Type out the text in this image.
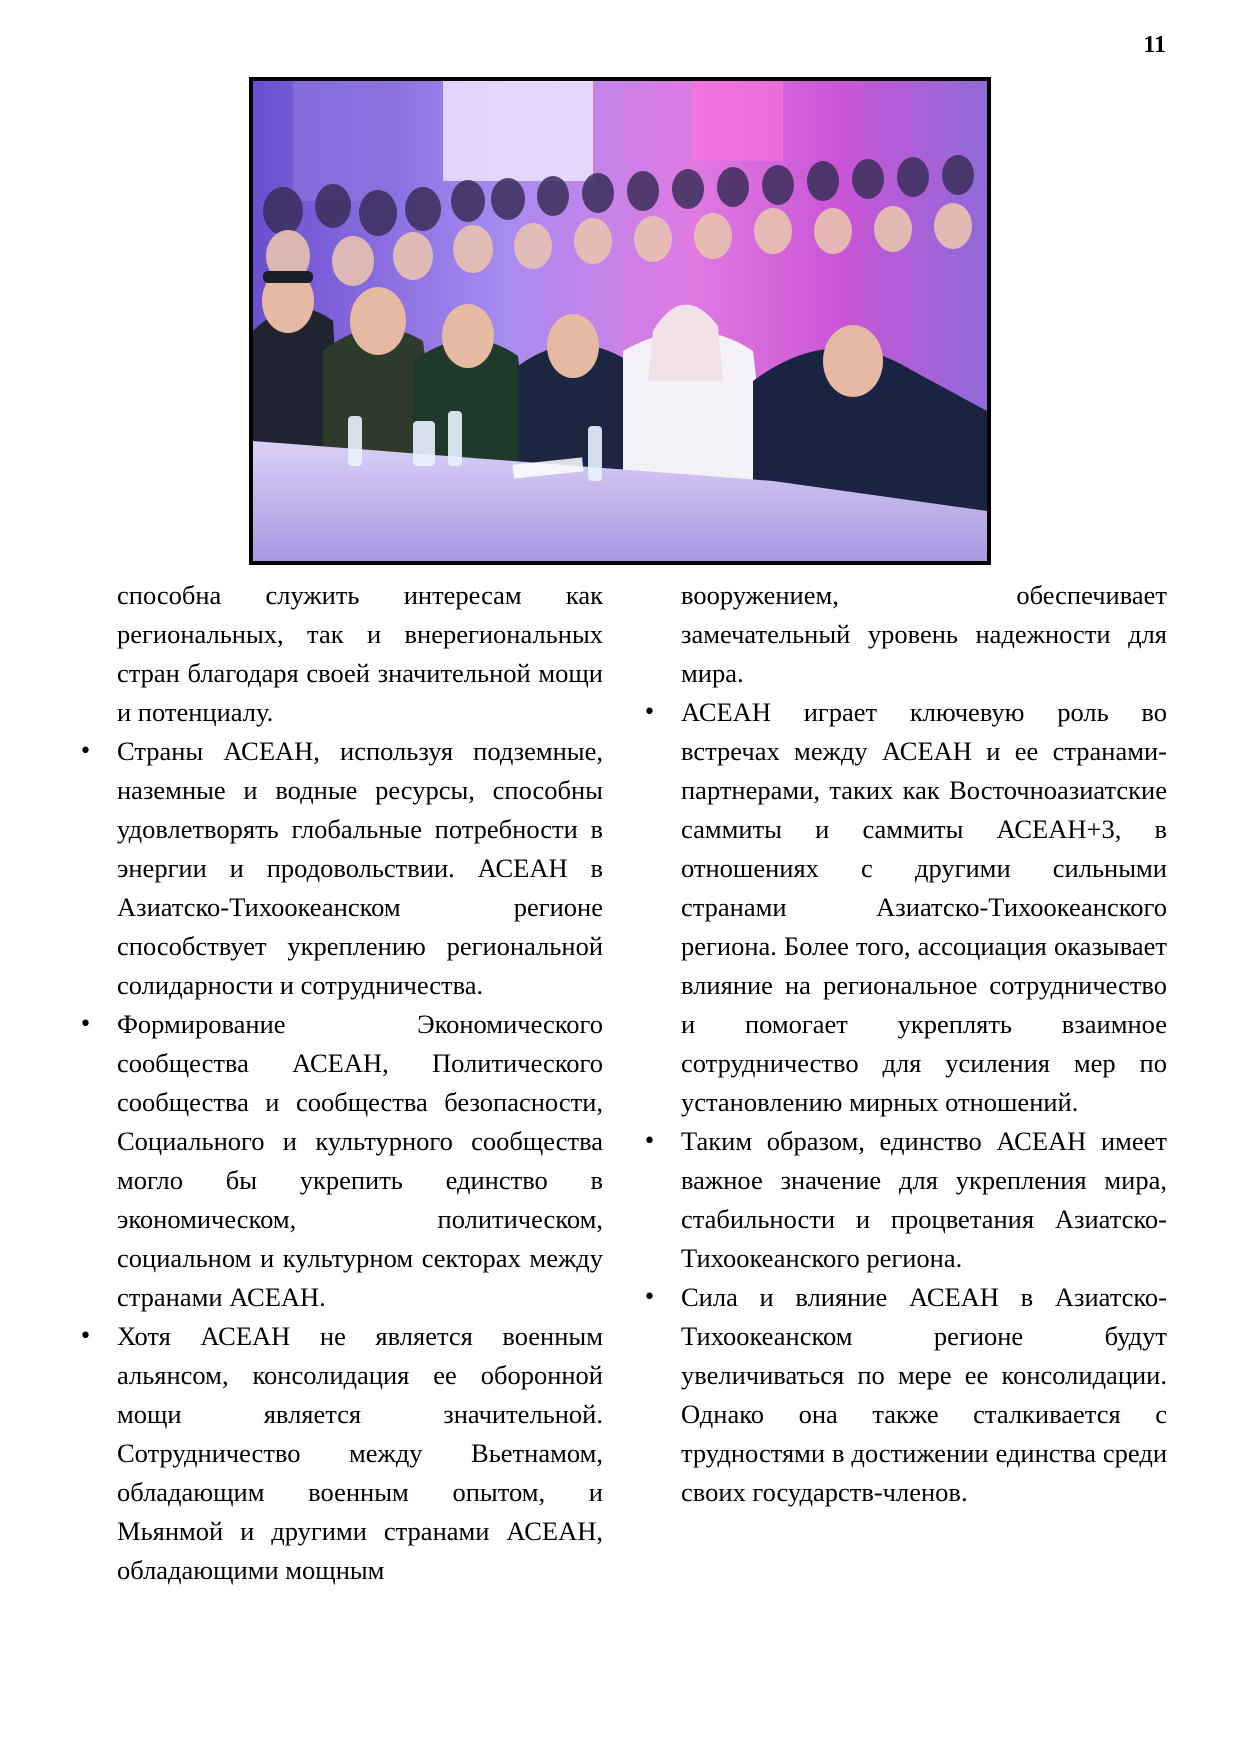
11

способна служить интересам как региональных, так и внерегиональных стран благодаря своей значительной мощи и потенциалу.

• Страны АСЕАН, используя подземные, наземные и водные ресурсы, способны удовлетворять глобальные потребности в энергии и продовольствии. АСЕАН в Азиатско-Тихоокеанском регионе способствует укреплению региональной солидарности и сотрудничества.
• Формирование Экономического сообщества АСЕАН, Политического сообщества и сообщества безопасности, Социального и культурного сообщества могло бы укрепить единство в экономическом, политическом, социальном и культурном секторах между странами АСЕАН.
• Хотя АСЕАН не является военным альянсом, консолидация ее оборонной мощи является значительной. Сотрудничество между Вьетнамом, обладающим военным опытом, и Мьянмой и другими странами АСЕАН, обладающими мощным

вооружением, обеспечивает замечательный уровень надежности для мира.

• АСЕАН играет ключевую роль во встречах между АСЕАН и ее странами-партнерами, таких как Восточноазиатские саммиты и саммиты АСЕАН+3, в отношениях с другими сильными странами Азиатско-Тихоокеанского региона. Более того, ассоциация оказывает влияние на региональное сотрудничество и помогает укреплять взаимное сотрудничество для усиления мер по установлению мирных отношений.
• Таким образом, единство АСЕАН имеет важное значение для укрепления мира, стабильности и процветания Азиатско-Тихоокеанского региона.
• Сила и влияние АСЕАН в Азиатско-Тихоокеанском регионе будут увеличиваться по мере ее консолидации. Однако она также сталкивается с трудностями в достижении единства среди своих государств-членов.
